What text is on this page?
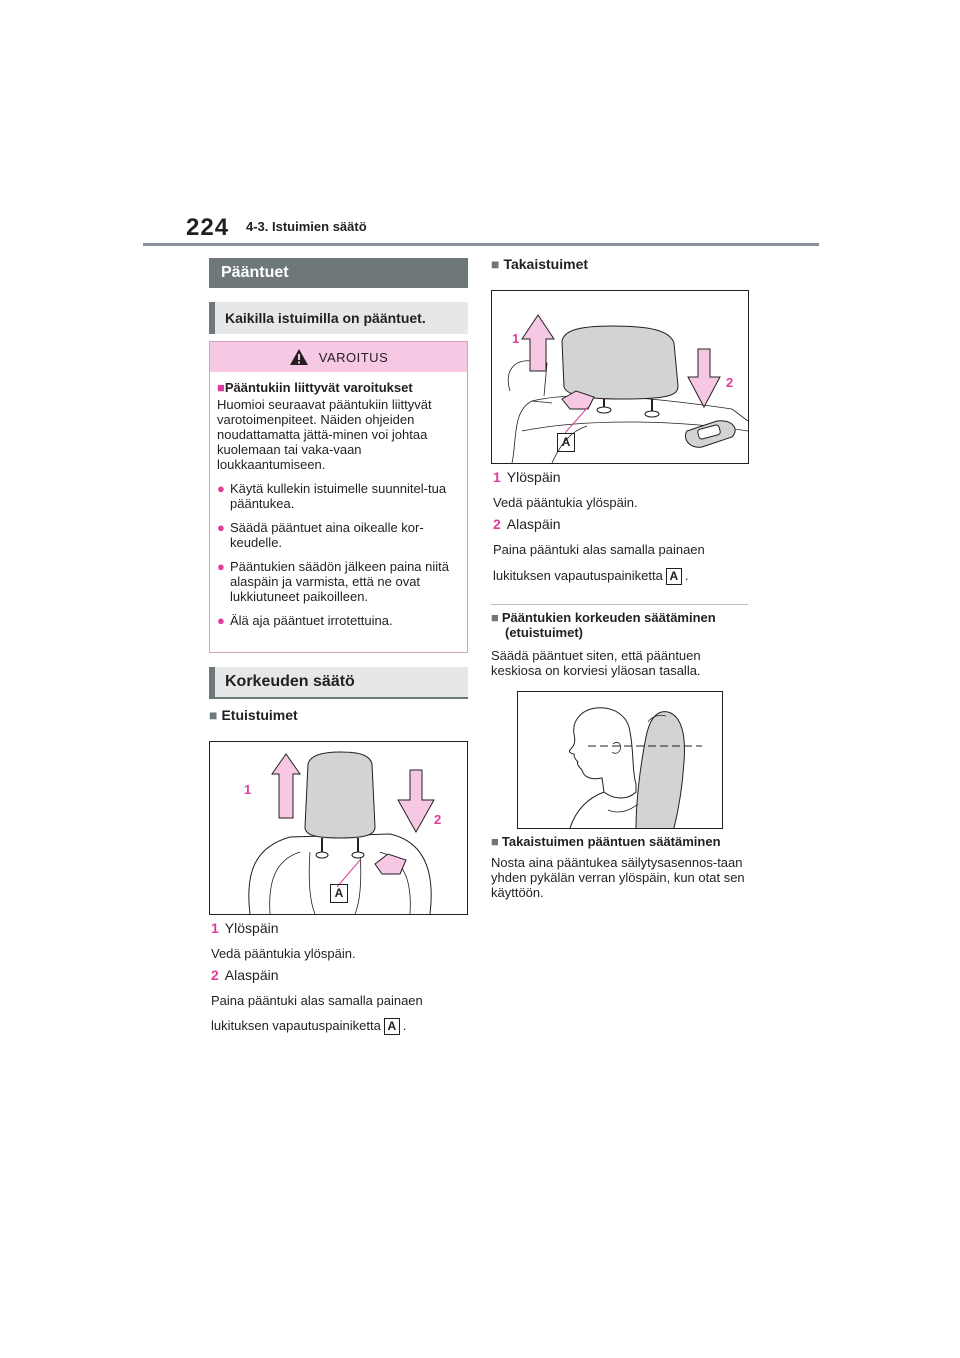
224 4-3. Istuimien säätö
Pääntuet
Kaikilla istuimilla on pääntuet.
VAROITUS
■Pääntukiin liittyvät varoitukset
Huomioi seuraavat pääntukiin liittyvät varotoimenpiteet. Näiden ohjeiden noudattamatta jättä-minen voi johtaa kuolemaan tai vaka-vaan loukkaantumiseen.
● Käytä kullekin istuimelle suunnitel-tua pääntukea.
● Säädä pääntuet aina oikealle kor-keudelle.
● Pääntukien säädön jälkeen paina niitä alaspäin ja varmista, että ne ovat lukkiutuneet paikoilleen.
● Älä aja pääntuet irrotettuina.
Korkeuden säätö
■ Etuistuimet
1
2
A
1 Ylöspäin
Vedä pääntukia ylöspäin.
2 Alaspäin
Paina pääntuki alas samalla painaen
lukituksen vapautuspainiketta A .
■ Takaistuimet
1
2
A
1 Ylöspäin
Vedä pääntukia ylöspäin.
2 Alaspäin
Paina pääntuki alas samalla painaen
lukituksen vapautuspainiketta A .
■ Pääntukien korkeuden säätäminen
(etuistuimet)
Säädä pääntuet siten, että pääntuen keskiosa on korviesi yläosan tasalla.
■ Takaistuimen pääntuen säätäminen
Nosta aina pääntukea säilytysasennos-taan yhden pykälän verran ylöspäin, kun otat sen käyttöön.
